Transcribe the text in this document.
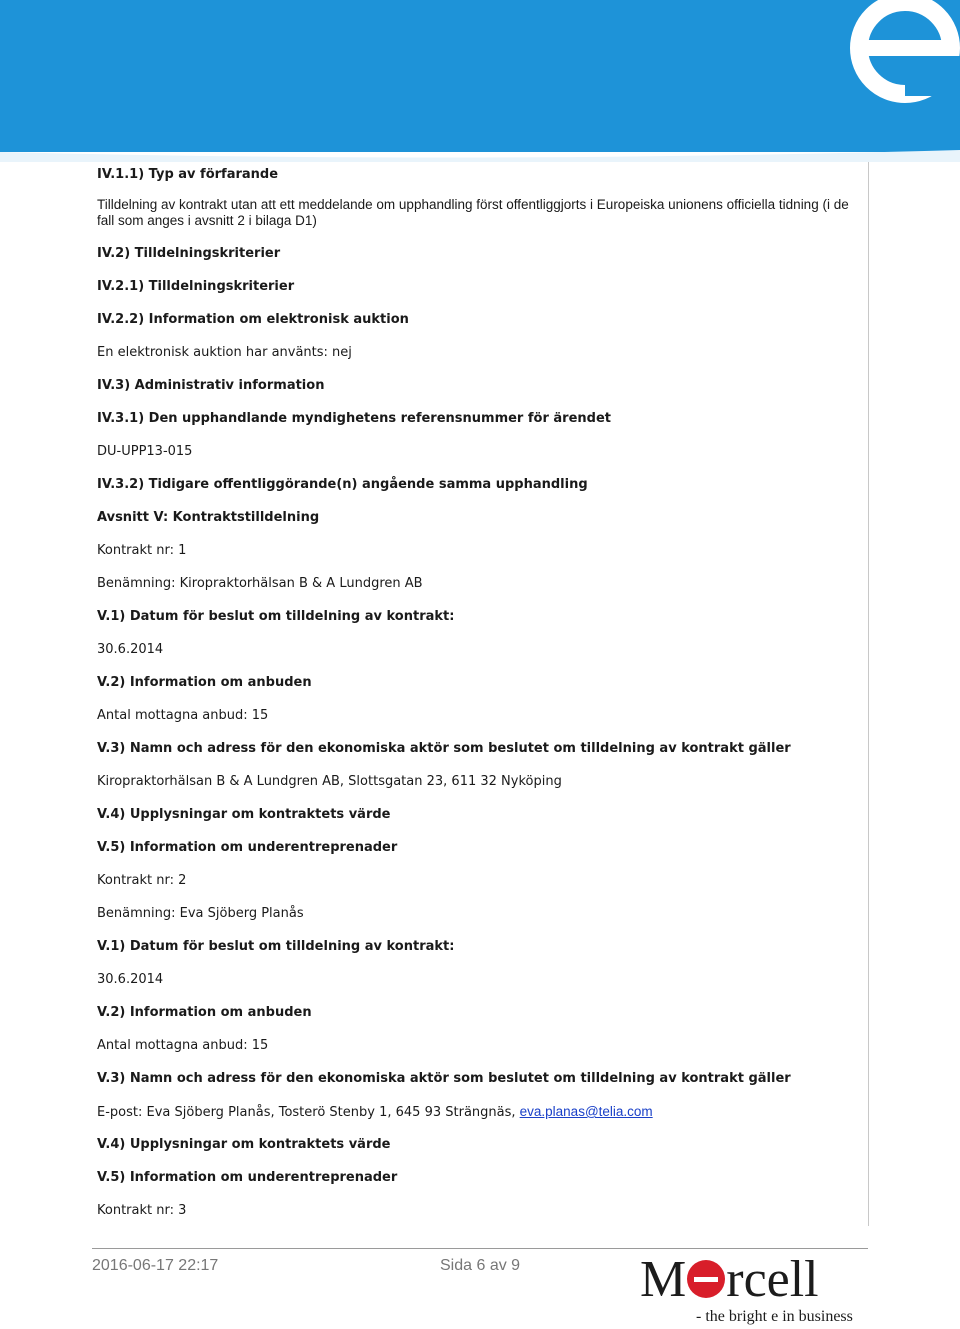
IV.1.1) Typ av förfarande
Tilldelning av kontrakt utan att ett meddelande om upphandling först offentliggjorts i Europeiska unionens officiella tidning (i de fall som anges i avsnitt 2 i bilaga D1)
IV.2) Tilldelningskriterier
IV.2.1) Tilldelningskriterier
IV.2.2) Information om elektronisk auktion
En elektronisk auktion har använts: nej
IV.3) Administrativ information
IV.3.1) Den upphandlande myndighetens referensnummer för ärendet
DU-UPP13-015
IV.3.2) Tidigare offentliggörande(n) angående samma upphandling
Avsnitt V: Kontraktstilldelning
Kontrakt nr: 1
Benämning: Kiropraktorhälsan B & A Lundgren AB
V.1) Datum för beslut om tilldelning av kontrakt:
30.6.2014
V.2) Information om anbuden
Antal mottagna anbud: 15
V.3) Namn och adress för den ekonomiska aktör som beslutet om tilldelning av kontrakt gäller
Kiropraktorhälsan B & A Lundgren AB, Slottsgatan 23, 611 32 Nyköping
V.4) Upplysningar om kontraktets värde
V.5) Information om underentreprenader
Kontrakt nr: 2
Benämning: Eva Sjöberg Planås
V.1) Datum för beslut om tilldelning av kontrakt:
30.6.2014
V.2) Information om anbuden
Antal mottagna anbud: 15
V.3) Namn och adress för den ekonomiska aktör som beslutet om tilldelning av kontrakt gäller
E-post: Eva Sjöberg Planås, Tosterö Stenby 1, 645 93 Strängnäs, eva.planas@telia.com
V.4) Upplysningar om kontraktets värde
V.5) Information om underentreprenader
Kontrakt nr: 3
2016-06-17 22:17	Sida 6 av 9 M rcell
- the bright e in business
